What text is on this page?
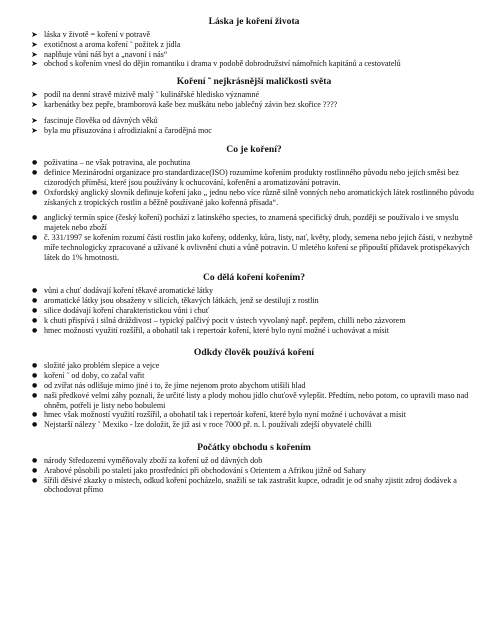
Láska je koření života
➤ láska v životě = koření v potravě
➤ exotičnost a aroma koření ˜ požitek z jídla
➤ naplňuje vůní náš byt a „navoní i nás“
➤ obchod s kořením vnesl do dějin romantiku i drama v podobě dobrodružství námořních kapitánů a cestovatelů
Koření ˜ nejkrásnější maličkosti světa
➤ podíl na denní stravě mizivě malý ˜ kulinářské hledisko významné
➤ karbenátky bez pepře, bramborová kaše bez muškátu nebo jablečný závin bez skořice ????
➤ fascinuje člověka od dávných věků
➤ byla mu přisuzována i afrodiziakní a čarodějná moc
Co je koření?
● poživatina – ne však potravina, ale pochutina
● definice Mezinárodní organizace pro standardizace(ISO) rozumíme kořením produkty rostlinného původu nebo jejich směsi bez cizorodých příměsí, které jsou používány k ochucování, kořenění a aromatizování potravin.
● Oxfordský anglický slovník definuje koření jako „ jednu nebo více různě silně vonných nebo aromatických látek rostlinného původu získaných z tropických rostlin a běžně používané jako kořenná přísada“.
● anglický termín spice (český koření) pochází z latinského species, to znamená specifický druh, později se používalo i ve smyslu majetek nebo zboží
● č. 331/1997 se kořením rozumí části rostlin jako kořeny, oddenky, kůra, listy, nať, květy, plody, semena nebo jejich části, v nezbytně míře technologicky zpracované a užívané k ovlivnění chuti a vůně potravin. U mletého koření se připouští přídavek protispékavých látek do 1% hmotnosti.
Co dělá koření kořením?
● vůni a chuť dodávají koření těkavé aromatické látky
● aromatické látky jsou obsaženy v silicích, těkavých látkách, jenž se destilují z rostlin
● silice dodávají koření charakteristickou vůni i chuť
● k chuti přispívá i silná dráždivost – typický palčivý pocit v ústech vyvolaný např. pepřem, chilli nebo zázvorem
● hmec možností využití rozšířil, a obohatil tak i repertoár koření, které bylo nyní možné i uchovávat a mísit
Odkdy člověk používá koření
● složité jako problém slepice a vejce
● koření ˜ od doby, co začal vařit
● od zvířat nás odlišuje mimo jiné i to, že jíme nejenom proto abychom utišili hlad
● naši předkové velmi záhy poznali, že určité listy a plody mohou jídlo chuťově vylepšit. Předtím, nebo potom, co upravili maso nad ohněm, potřeli je listy nebo bobulemi
● hmec však možností využití rozšířil, a obohatil tak i repertoár koření, které bylo nyní možné i uchovávat a mísit
● Nejstarší nálezy ˜ Mexiko - lze doložit, že již asi v roce 7000 př. n. l. používali zdejší obyvatelé chilli
Počátky obchodu s kořením
● národy Středozemí vyměňovaly zboží za koření už od dávných dob
● Arabové působili po staletí jako prostředníci při obchodování s Orientem a Afrikou jižně od Sahary
● šířili děsivé zkazky o místech, odkud koření pocházelo, snažili se tak zastrašit kupce, odradit je od snahy zjistit zdroj dodávek a obchodovat přímo
